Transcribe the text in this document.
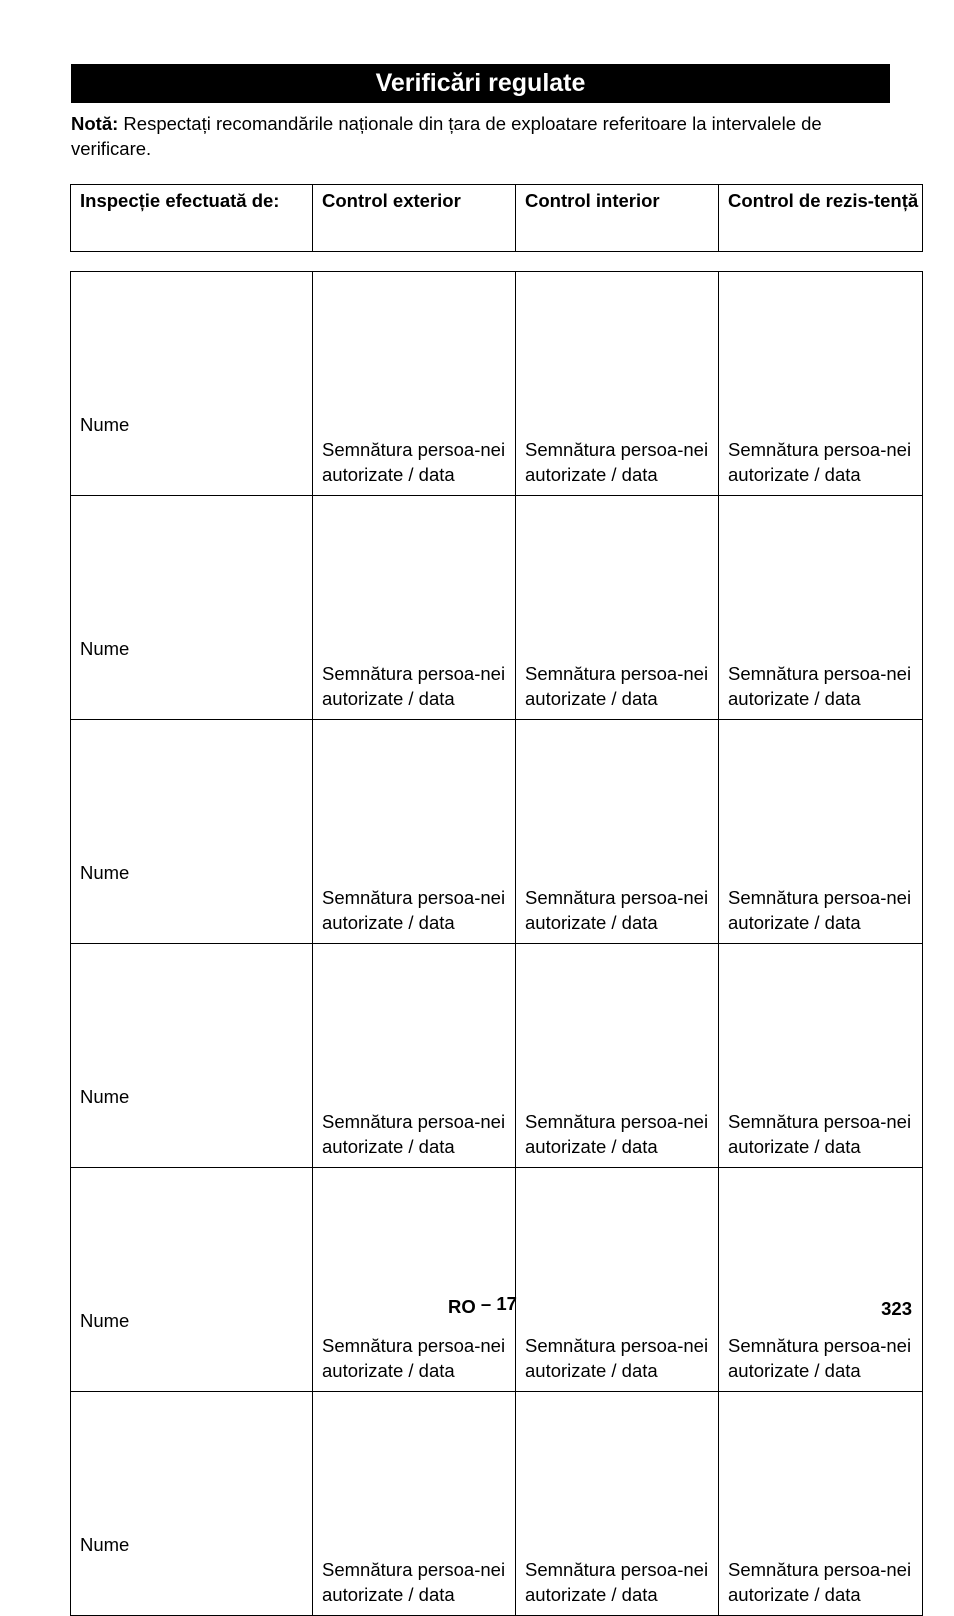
Verificări regulate
Notă: Respectați recomandările naționale din țara de exploatare referitoare la intervalele de verificare.
Inspecție efectuată de:	Control exterior	Control interior	Control de rezis-tență
Nume	Semnătura persoa-nei autorizate / data	Semnătura persoa-nei autorizate / data	Semnătura persoa-nei autorizate / data
Nume	Semnătura persoa-nei autorizate / data	Semnătura persoa-nei autorizate / data	Semnătura persoa-nei autorizate / data
Nume	Semnătura persoa-nei autorizate / data	Semnătura persoa-nei autorizate / data	Semnătura persoa-nei autorizate / data
Nume	Semnătura persoa-nei autorizate / data	Semnătura persoa-nei autorizate / data	Semnătura persoa-nei autorizate / data
Nume	Semnătura persoa-nei autorizate / data	Semnătura persoa-nei autorizate / data	Semnătura persoa-nei autorizate / data
Nume	Semnătura persoa-nei autorizate / data	Semnătura persoa-nei autorizate / data	Semnătura persoa-nei autorizate / data
RO – 17	323
